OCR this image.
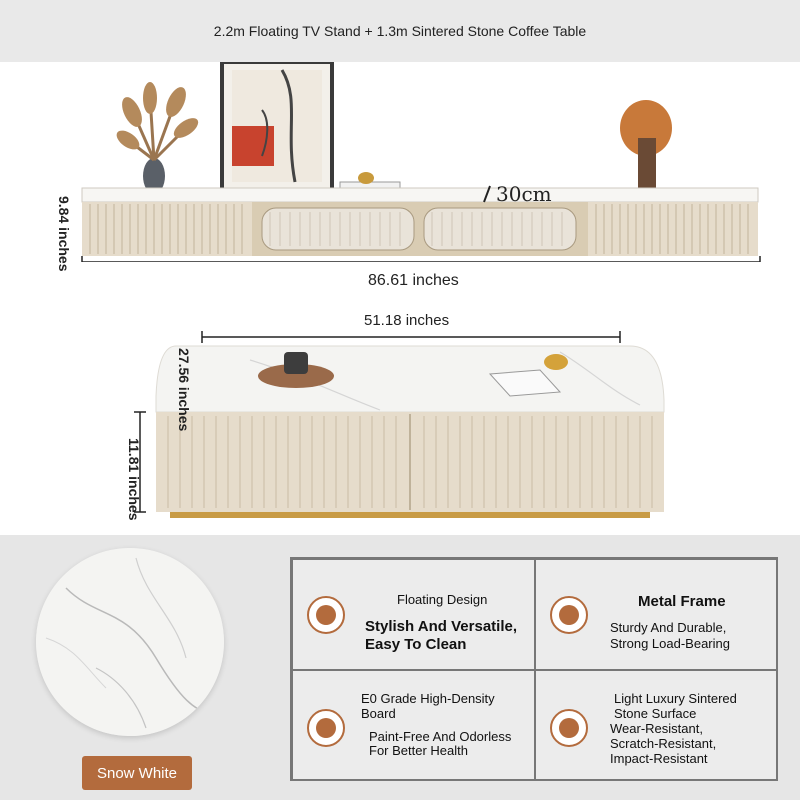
2.2m Floating TV Stand + 1.3m Sintered Stone Coffee Table
9.84 inches
30cm
86.61 inches
51.18 inches
27.56 inches
11.81 inches
Snow White
Floating Design
Stylish And Versatile,
Easy To Clean
Metal Frame
Sturdy And Durable,
Strong Load-Bearing
E0 Grade High-Density Board
Paint-Free And Odorless
For Better Health
Light Luxury Sintered Stone Surface
Wear-Resistant,
Scratch-Resistant,
Impact-Resistant
